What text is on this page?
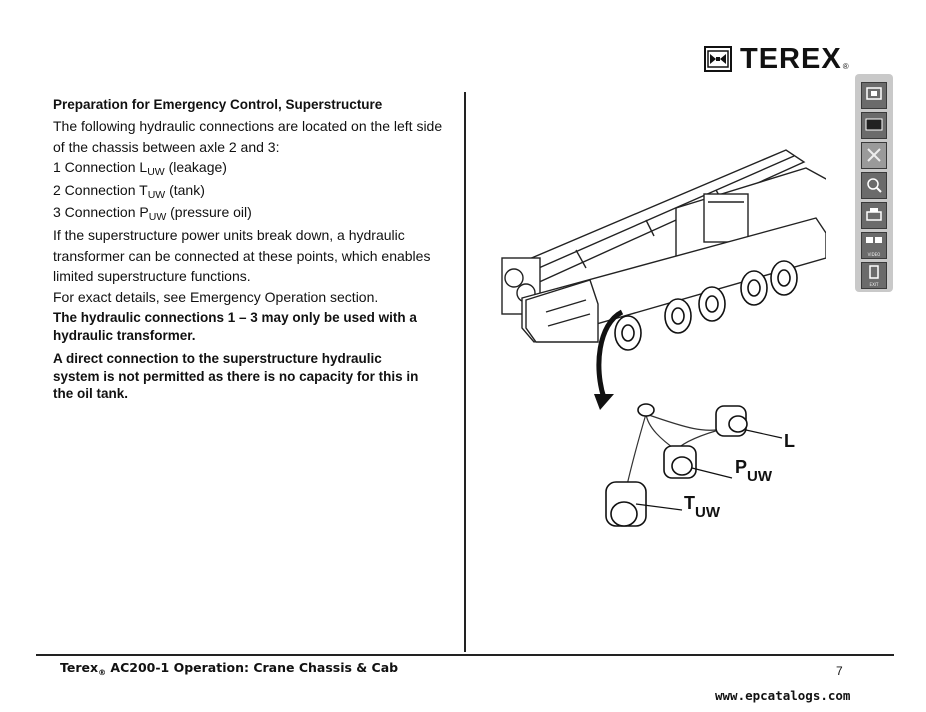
TEREX ®

Preparation for Emergency Control, Superstructure

The following hydraulic connections are located on the left side

of the chassis between axle 2 and 3:

1 Connection $L_{UW}$ (leakage)

2 Connection $T_{UW}$ (tank)

3 Connection $P_{UW}$ (pressure oil)

If the superstructure power units break down, a hydraulic

transformer can be connected at these points, which enables

limited superstructure functions.

For exact details, see Emergency Operation section.

The hydraulic connections 1 – 3 may only be used with a

hydraulic transformer.

A direct connection to the superstructure hydraulic

system is not permitted as there is no capacity for this in

the oil tank.

L
$P_{UW}$
$T_{UW}$
VIDEO
EXIT
Terex$_®$ AC200-1 Operation: Crane Chassis & Cab	7
www.epcatalogs.com
